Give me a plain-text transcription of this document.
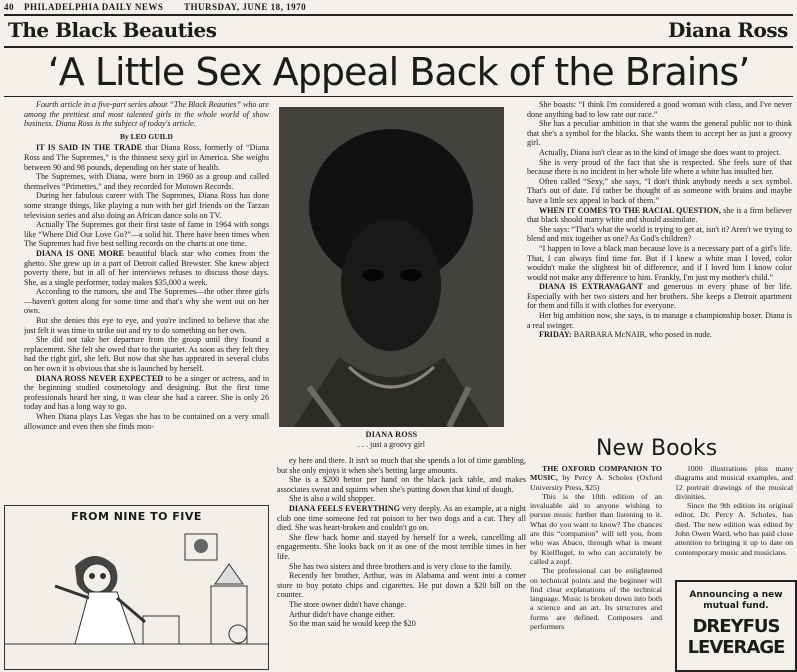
40 PHILADELPHIA DAILY NEWS THURSDAY, JUNE 18, 1970
The Black Beauties	Diana Ross
‘A Little Sex Appeal Back of the Brains’

Fourth article in a five-part series about “The Black Beauties” who are among the prettiest and most talented girls in the whole world of show business. Diana Ross is the subject of today's article.

By LEO GUILD

IT IS SAID IN THE TRADE that Diana Ross, formerly of “Diana Ross and The Supremes,” is the thinnest sexy girl in America. She weighs between 90 and 98 pounds, depending on her state of health.

The Supremes, with Diana, were born in 1960 as a group and called themselves “Primettes,” and they recorded for Motown Records.

During her fabulous career with The Supremes, Diana Ross has done some strange things, like playing a nun with her girl friends on the Tarzan television series and also doing an African dance solo on TV.

Actually The Supremes got their first taste of fame in 1964 with songs like “Where Did Our Love Go?”—a solid hit. There have been times when The Supremes had five best selling records on the charts at one time.

DIANA IS ONE MORE beautiful black star who comes from the ghetto. She grew up in a part of Detroit called Brewster. She knew abject poverty there, but in all of her interviews refuses to discuss those days. She, as a single performer, today makes $35,000 a week.

According to the rumors, she and The Supremes—the other three girls—haven't gotten along for some time and that's why she went out on her own.

But she denies this eye to eye, and you're inclined to believe that she just felt it was time to strike out and try to do something on her own.

She did not take her departure from the group until they found a replacement. She felt she owed that to the quartet. As soon as they felt they had the right girl, she left. But now that she has appeared in several clubs on her own it is obvious that she is launched by herself.

DIANA ROSS NEVER EXPECTED to be a singer or actress, and in the beginning studied cosmetology and designing. But the first time professionals heard her sing, it was clear she had a career. She is only 26 today and has a long way to go.

When Diana plays Las Vegas she has to be contained on a very small allowance and even then she finds mon-

DIANA ROSS
. . . just a groovy girl

ey here and there. It isn't so much that she spends a lot of time gambling, but she only enjoys it when she's betting large amounts.

She is a $200 bettor per hand on the black jack table, and makes associates sweat and squirm when she's putting down that kind of dough.

She is also a wild shopper.

DIANA FEELS EVERYTHING very deeply. As an example, at a night club one time someone fed rat poison to her two dogs and a cat. They all died. She was heart-broken and couldn't go on.

She flew back home and stayed by herself for a week, cancelling all engagements. She looks back on it as one of the most terrible times in her life.

She has two sisters and three brothers and is very close to the family.

Recently her brother, Arthur, was in Alabama and went into a corner store to buy potato chips and cigarettes. He put down a $20 bill on the counter.

The store owner didn't have change.

Arthur didn't have change either.

So the man said he would keep the $20

She boasts: “I think I'm considered a good woman with class, and I've never done anything bad to low rate our race.”

She has a peculiar ambition in that she wants the general public not to think that she's a symbol for the blacks. She wants them to accept her as just a groovy girl.

Actually, Diana isn't clear as to the kind of image she does want to project.

She is very proud of the fact that she is respected. She feels sure of that because there is no incident in her whole life where a white has insulted her.

Often called “Sexy,” she says, “I don't think anybody needs a sex symbol. That's out of date. I'd rather be thought of as someone with brains and maybe have a little sex appeal in back of them.”

WHEN IT COMES TO THE RACIAL QUESTION, she is a firm believer that black should marry white and should assimilate.

She says: “That's what the world is trying to get at, isn't it? Aren't we trying to blend and mix together as one? As God's children?

“I happen to love a black man because love is a necessary part of a girl's life. That, I can always find time for. But if I knew a white man I loved, color wouldn't make the slightest bit of difference, and if I loved him I know color would not make any difference to him. Frankly, I'm just my mother's child.”

DIANA IS EXTRAVAGANT and generous in every phase of her life. Especially with her two sisters and her brothers. She keeps a Detroit apartment for them and fills it with clothes for everyone.

Her big ambition now, she says, is to manage a championship boxer. Diana is a real swinger.

FRIDAY: BARBARA McNAIR, who posed in nude.

New Books

THE OXFORD COMPANION TO MUSIC, by Percy A. Scholes (Oxford University Press, $25)

This is the 10th edition of an invaluable aid to anyone wishing to pursue music further than listening to it. What do you want to know? The chances are this “companion” will tell you, from who was Abaco, through what is meant by Kielflugel, to who can accurately be called a zopf.

The professional can be enlightened on technical points and the beginner will find clear explanations of the technical language. Music is broken down into both a science and an art. Its structures and forms are defined. Composers and performers

1000 illustrations plus many diagrams and musical examples, and 12 portrait drawings of the musical divinities.

Since the 9th edition its original editor, Dr. Percy A. Scholes, has died. The new edition was edited by John Owen Ward, who has paid close attention to bringing it up to date on contemporary music and musicians.

Announcing a new
mutual fund.
DREYFUS LEVERAGE
FROM NINE TO FIVE
